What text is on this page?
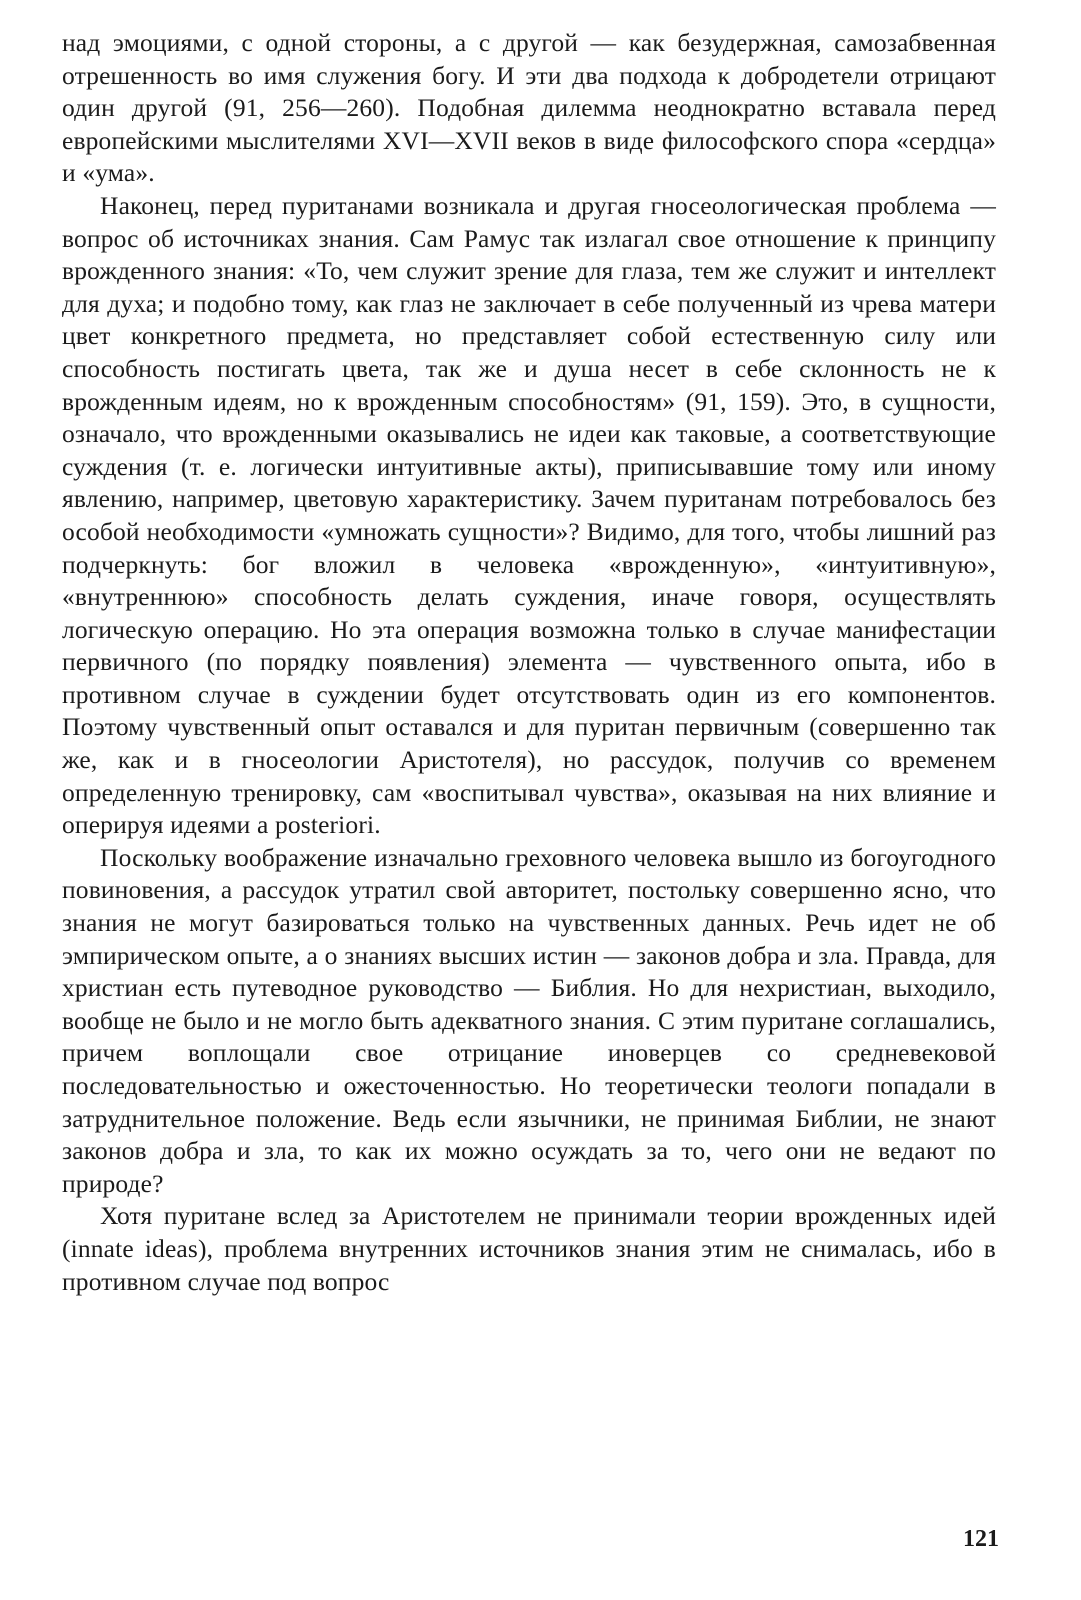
над эмоциями, с одной стороны, а с другой — как безудержная, самозабвенная отрешенность во имя служения богу. И эти два подхода к добродетели отрицают один другой (91, 256—260). Подобная дилемма неоднократно вставала перед европейскими мыслителями XVI—XVII веков в виде философского спора «сердца» и «ума».

Наконец, перед пуританами возникала и другая гносеологическая проблема — вопрос об источниках знания. Сам Рамус так излагал свое отношение к принципу врожденного знания: «То, чем служит зрение для глаза, тем же служит и интеллект для духа; и подобно тому, как глаз не заключает в себе полученный из чрева матери цвет конкретного предмета, но представляет собой естественную силу или способность постигать цвета, так же и душа несет в себе склонность не к врожденным идеям, но к врожденным способностям» (91, 159). Это, в сущности, означало, что врожденными оказывались не идеи как таковые, а соответствующие суждения (т. е. логически интуитивные акты), приписывавшие тому или иному явлению, например, цветовую характеристику. Зачем пуританам потребовалось без особой необходимости «умножать сущности»? Видимо, для того, чтобы лишний раз подчеркнуть: бог вложил в человека «врожденную», «интуитивную», «внутреннюю» способность делать суждения, иначе говоря, осуществлять логическую операцию. Но эта операция возможна только в случае манифестации первичного (по порядку появления) элемента — чувственного опыта, ибо в противном случае в суждении будет отсутствовать один из его компонентов. Поэтому чувственный опыт оставался и для пуритан первичным (совершенно так же, как и в гносеологии Аристотеля), но рассудок, получив со временем определенную тренировку, сам «воспитывал чувства», оказывая на них влияние и оперируя идеями a posteriori.

Поскольку воображение изначально греховного человека вышло из богоугодного повиновения, а рассудок утратил свой авторитет, постольку совершенно ясно, что знания не могут базироваться только на чувственных данных. Речь идет не об эмпирическом опыте, а о знаниях высших истин — законов добра и зла. Правда, для христиан есть путеводное руководство — Библия. Но для нехристиан, выходило, вообще не было и не могло быть адекватного знания. С этим пуритане соглашались, причем воплощали свое отрицание иноверцев со средневековой последовательностью и ожесточенностью. Но теоретически теологи попадали в затруднительное положение. Ведь если язычники, не принимая Библии, не знают законов добра и зла, то как их можно осуждать за то, чего они не ведают по природе?

Хотя пуритане вслед за Аристотелем не принимали теории врожденных идей (innate ideas), проблема внутренних источников знания этим не снималась, ибо в противном случае под вопрос

121
